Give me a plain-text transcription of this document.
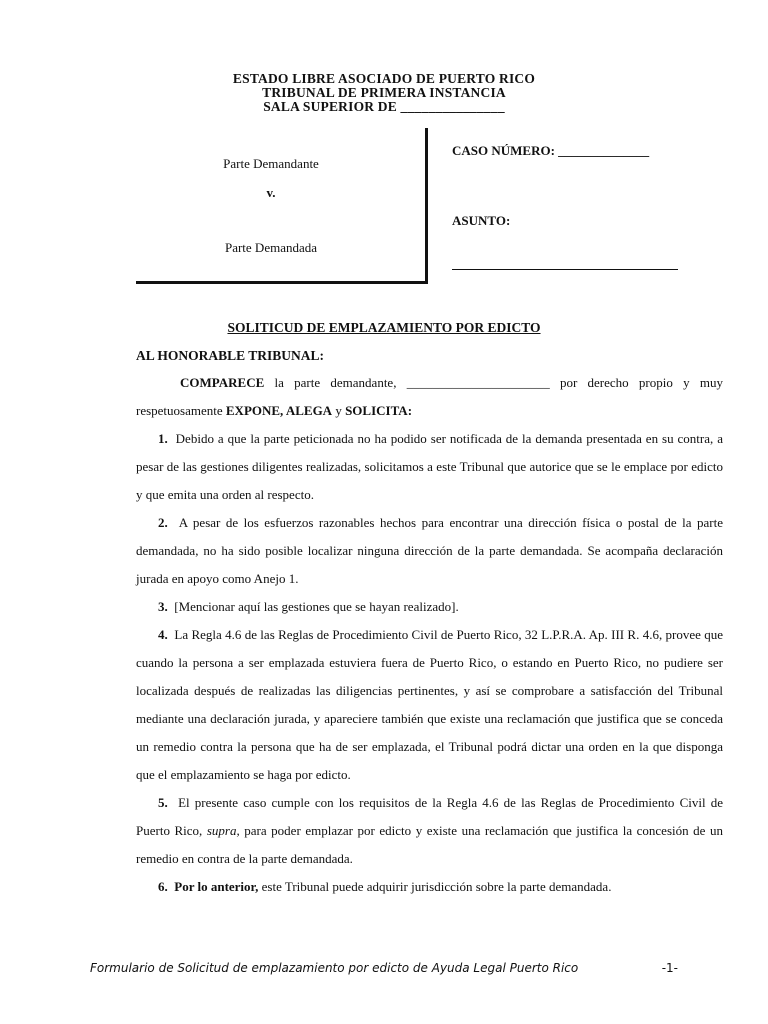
ESTADO LIBRE ASOCIADO DE PUERTO RICO
TRIBUNAL DE PRIMERA INSTANCIA
SALA SUPERIOR DE _______________
Parte Demandante
v.
Parte Demandada
CASO NÚMERO: ______________
ASUNTO:
SOLITICUD DE EMPLAZAMIENTO POR EDICTO

AL HONORABLE TRIBUNAL:

COMPARECE la parte demandante, ______________________ por derecho propio y muy respetuosamente EXPONE, ALEGA y SOLICITA:

1. Debido a que la parte peticionada no ha podido ser notificada de la demanda presentada en su contra, a pesar de las gestiones diligentes realizadas, solicitamos a este Tribunal que autorice que se le emplace por edicto y que emita una orden al respecto.

2. A pesar de los esfuerzos razonables hechos para encontrar una dirección física o postal de la parte demandada, no ha sido posible localizar ninguna dirección de la parte demandada. Se acompaña declaración jurada en apoyo como Anejo 1.

3. [Mencionar aquí las gestiones que se hayan realizado].

4. La Regla 4.6 de las Reglas de Procedimiento Civil de Puerto Rico, 32 L.P.R.A. Ap. III R. 4.6, provee que cuando la persona a ser emplazada estuviera fuera de Puerto Rico, o estando en Puerto Rico, no pudiere ser localizada después de realizadas las diligencias pertinentes, y así se comprobare a satisfacción del Tribunal mediante una declaración jurada, y apareciere también que existe una reclamación que justifica que se conceda un remedio contra la persona que ha de ser emplazada, el Tribunal podrá dictar una orden en la que disponga que el emplazamiento se haga por edicto.

5. El presente caso cumple con los requisitos de la Regla 4.6 de las Reglas de Procedimiento Civil de Puerto Rico, supra, para poder emplazar por edicto y existe una reclamación que justifica la concesión de un remedio en contra de la parte demandada.

6. Por lo anterior, este Tribunal puede adquirir jurisdicción sobre la parte demandada.

Formulario de Solicitud de emplazamiento por edicto de Ayuda Legal Puerto Rico	-1-
